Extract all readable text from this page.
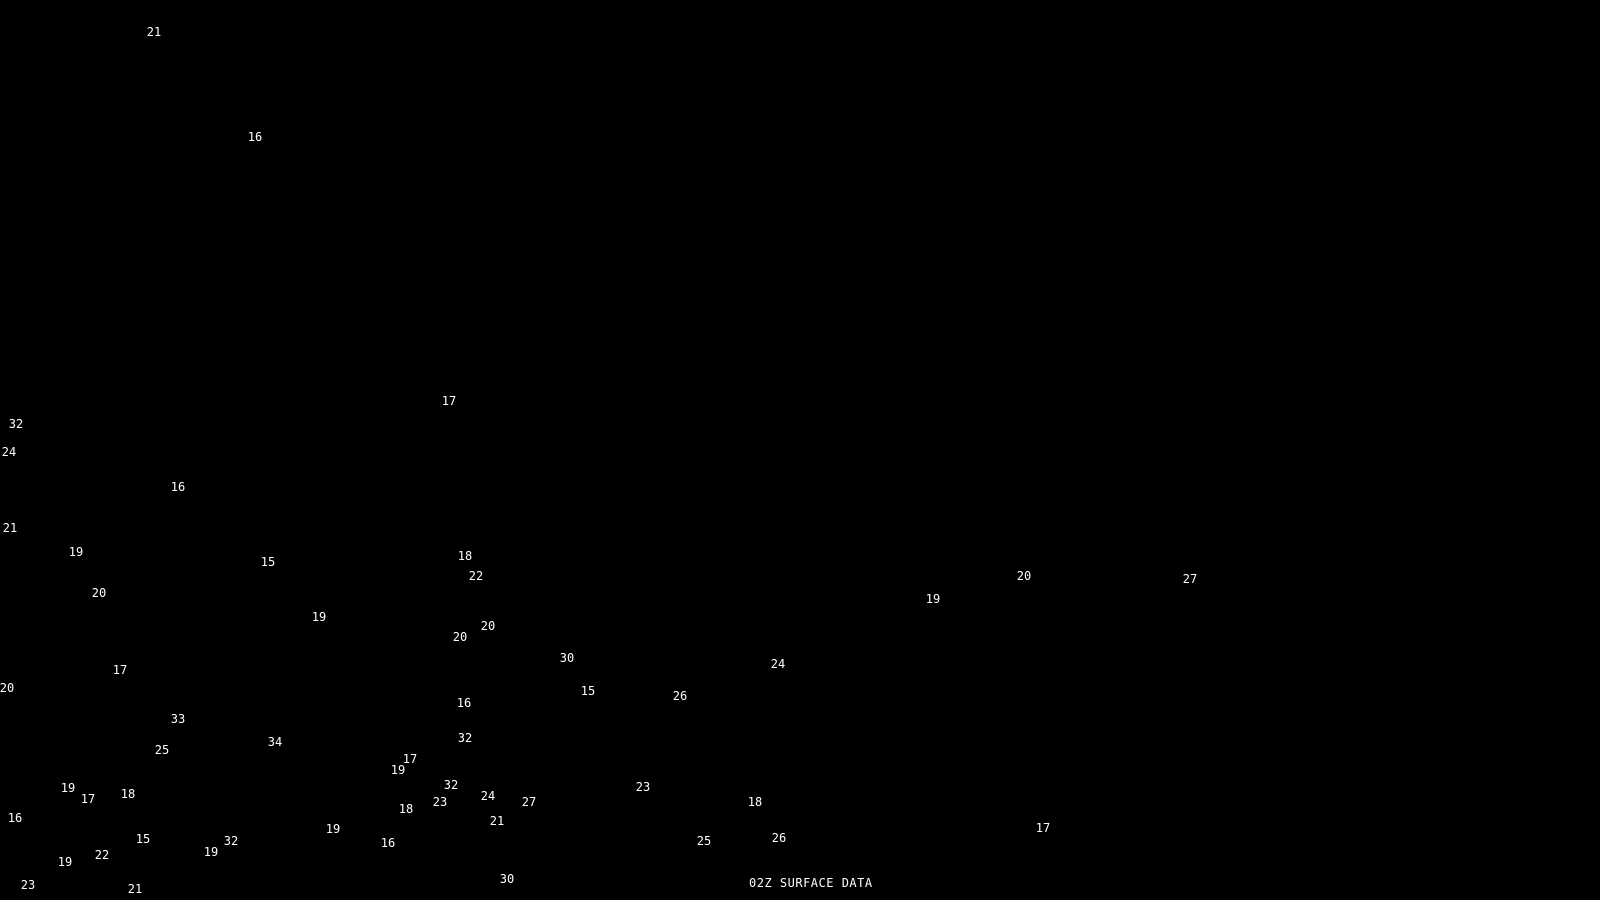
21
16
17
32
24
16
21
19
15	18
22
20
19
20
20
19
20	27
30
15	26
24
17
20
33
34
25
16
32
17
19
32
23	24 27
18
21
23
18
19
17 18
16
15
22
19
23	21
19
32
19
16	25	26
17
30	02Z SURFACE DATA
